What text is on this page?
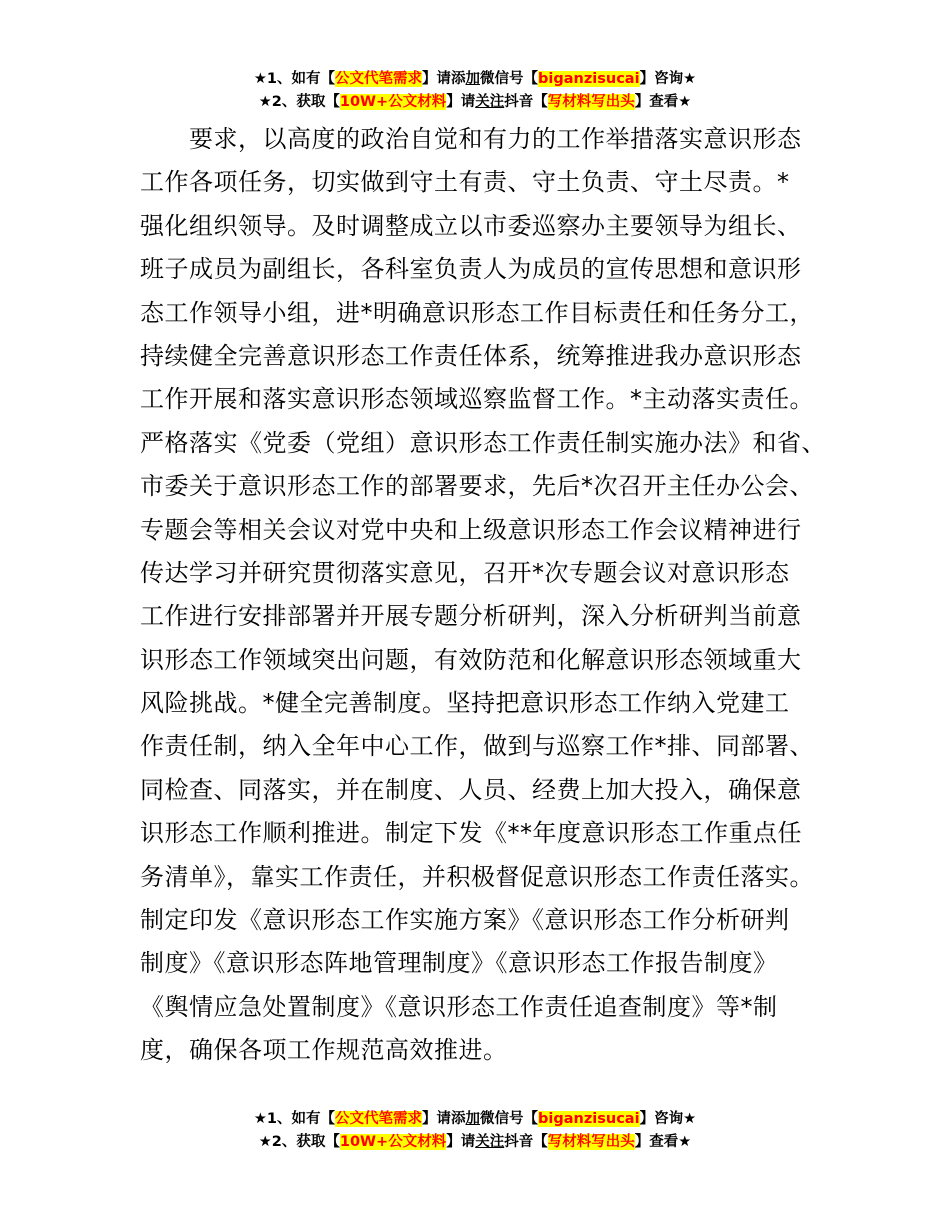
★1、如有【公文代笔需求】请添加微信号【biganzisucai】咨询★
★2、获取【10W+公文材料】请关注抖音【写材料写出头】查看★
　　要求，以高度的政治自觉和有力的工作举措落实意识形态
工作各项任务，切实做到守土有责、守土负责、守土尽责。*
强化组织领导。及时调整成立以市委巡察办主要领导为组长、
班子成员为副组长，各科室负责人为成员的宣传思想和意识形
态工作领导小组，进*明确意识形态工作目标责任和任务分工，
持续健全完善意识形态工作责任体系，统筹推进我办意识形态
工作开展和落实意识形态领域巡察监督工作。*主动落实责任。
严格落实《党委（党组）意识形态工作责任制实施办法》和省、
市委关于意识形态工作的部署要求，先后*次召开主任办公会、
专题会等相关会议对党中央和上级意识形态工作会议精神进行
传达学习并研究贯彻落实意见，召开*次专题会议对意识形态
工作进行安排部署并开展专题分析研判，深入分析研判当前意
识形态工作领域突出问题，有效防范和化解意识形态领域重大
风险挑战。*健全完善制度。坚持把意识形态工作纳入党建工
作责任制，纳入全年中心工作，做到与巡察工作*排、同部署、
同检查、同落实，并在制度、人员、经费上加大投入，确保意
识形态工作顺利推进。制定下发《**年度意识形态工作重点任
务清单》，靠实工作责任，并积极督促意识形态工作责任落实。
制定印发《意识形态工作实施方案》《意识形态工作分析研判
制度》《意识形态阵地管理制度》《意识形态工作报告制度》
《舆情应急处置制度》《意识形态工作责任追查制度》等*制
度，确保各项工作规范高效推进。
★1、如有【公文代笔需求】请添加微信号【biganzisucai】咨询★
★2、获取【10W+公文材料】请关注抖音【写材料写出头】查看★
